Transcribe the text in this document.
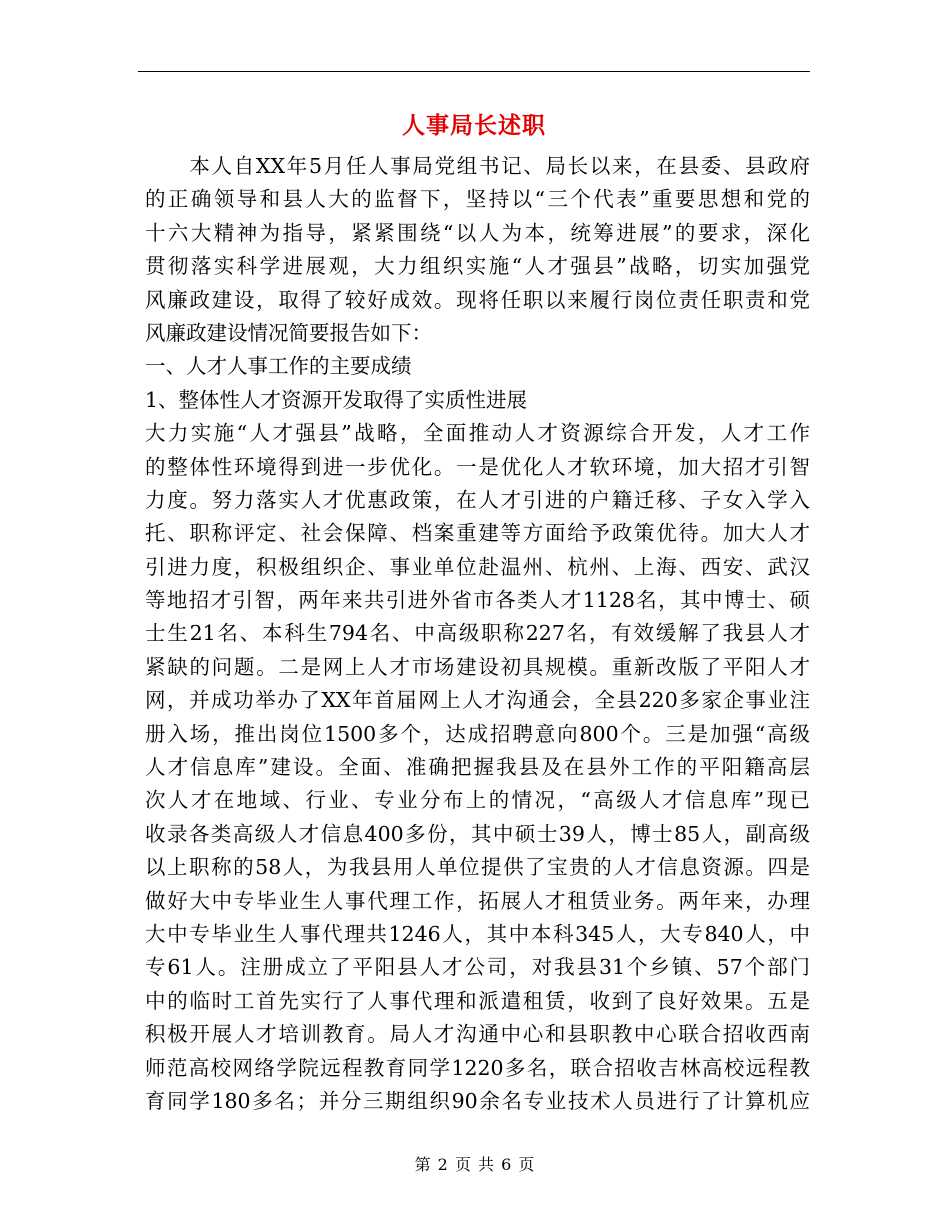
人事局长述职
　　本人自XX年5月任人事局党组书记、局长以来，在县委、县政府
的正确领导和县人大的监督下，坚持以“三个代表”重要思想和党的
十六大精神为指导，紧紧围绕“以人为本，统筹进展”的要求，深化
贯彻落实科学进展观，大力组织实施“人才强县”战略，切实加强党
风廉政建设，取得了较好成效。现将任职以来履行岗位责任职责和党
风廉政建设情况简要报告如下：
一、人才人事工作的主要成绩
1、整体性人才资源开发取得了实质性进展
大力实施“人才强县”战略，全面推动人才资源综合开发，人才工作
的整体性环境得到进一步优化。一是优化人才软环境，加大招才引智
力度。努力落实人才优惠政策，在人才引进的户籍迁移、子女入学入
托、职称评定、社会保障、档案重建等方面给予政策优待。加大人才
引进力度，积极组织企、事业单位赴温州、杭州、上海、西安、武汉
等地招才引智，两年来共引进外省市各类人才1128名，其中博士、硕
士生21名、本科生794名、中高级职称227名，有效缓解了我县人才
紧缺的问题。二是网上人才市场建设初具规模。重新改版了平阳人才
网，并成功举办了XX年首届网上人才沟通会，全县220多家企事业注
册入场，推出岗位1500多个，达成招聘意向800个。三是加强“高级
人才信息库”建设。全面、准确把握我县及在县外工作的平阳籍高层
次人才在地域、行业、专业分布上的情况，“高级人才信息库”现已
收录各类高级人才信息400多份，其中硕士39人，博士85人，副高级
以上职称的58人，为我县用人单位提供了宝贵的人才信息资源。四是
做好大中专毕业生人事代理工作，拓展人才租赁业务。两年来，办理
大中专毕业生人事代理共1246人，其中本科345人，大专840人，中
专61人。注册成立了平阳县人才公司，对我县31个乡镇、57个部门
中的临时工首先实行了人事代理和派遣租赁，收到了良好效果。五是
积极开展人才培训教育。局人才沟通中心和县职教中心联合招收西南
师范高校网络学院远程教育同学1220多名，联合招收吉林高校远程教
育同学180多名；并分三期组织90余名专业技术人员进行了计算机应
第 2 页 共 6 页
